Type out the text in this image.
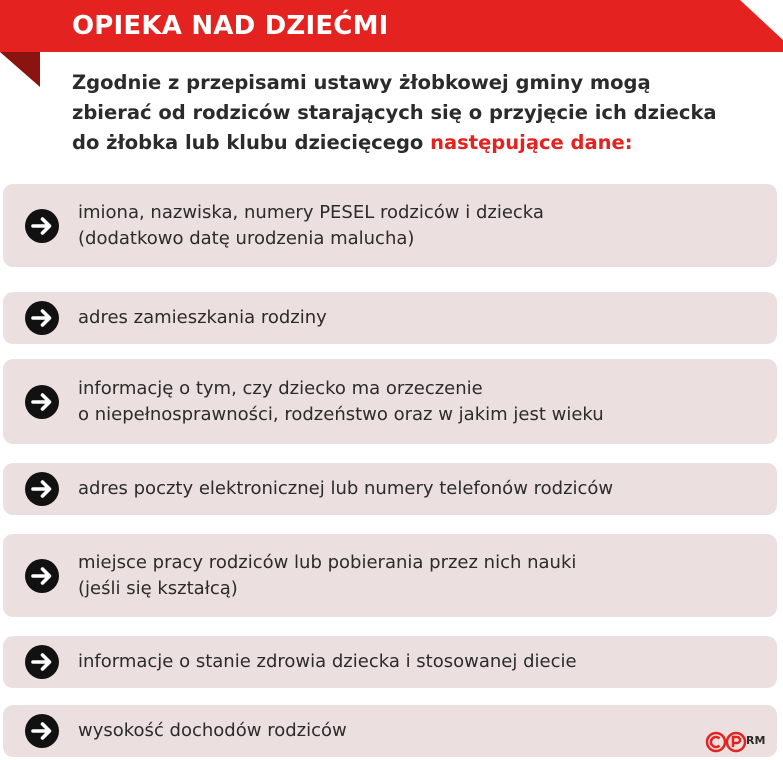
OPIEKA NAD DZIEĆMI
Zgodnie z przepisami ustawy żłobkowej gminy mogą
zbierać od rodziców starających się o przyjęcie ich dziecka
do żłobka lub klubu dziecięcego następujące dane:
imiona, nazwiska, numery PESEL rodziców i dziecka
(dodatkowo datę urodzenia malucha)
adres zamieszkania rodziny
informację o tym, czy dziecko ma orzeczenie
o niepełnosprawności, rodzeństwo oraz w jakim jest wieku
adres poczty elektronicznej lub numery telefonów rodziców
miejsce pracy rodziców lub pobierania przez nich nauki
(jeśli się kształcą)
informacje o stanie zdrowia dziecka i stosowanej diecie
wysokość dochodów rodziców	RM
